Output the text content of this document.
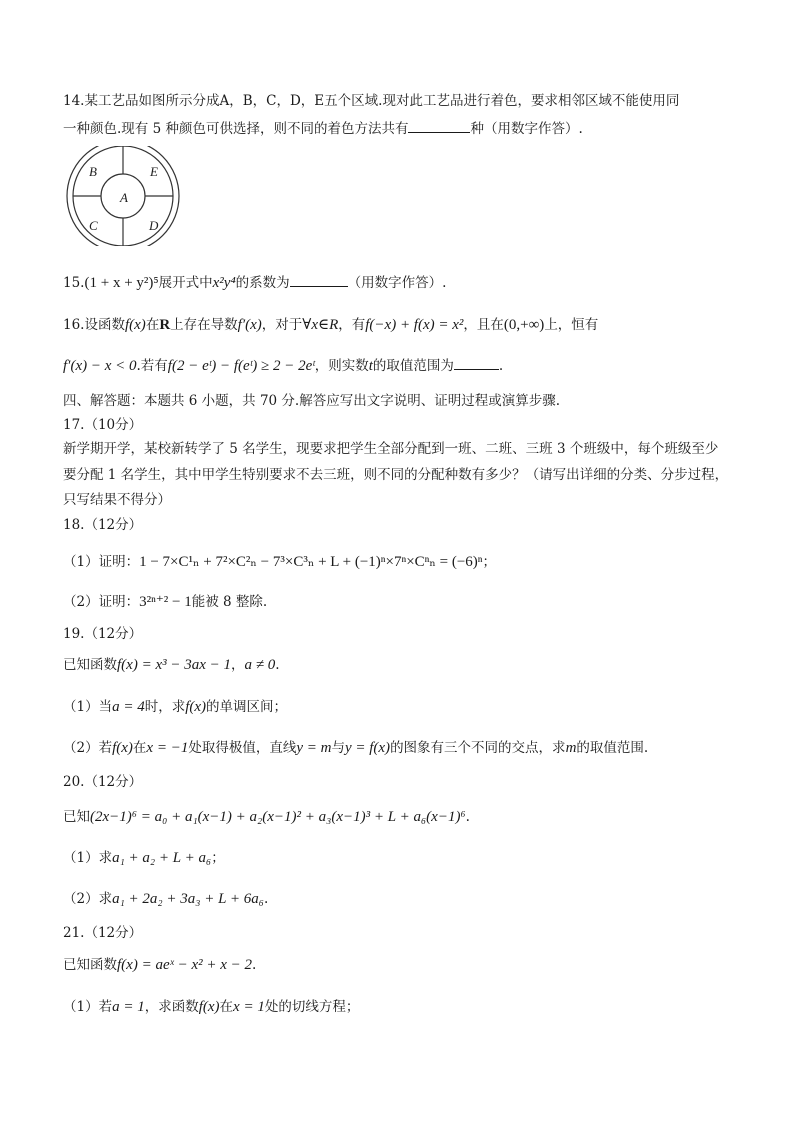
14.某工艺品如图所示分成A，B，C，D，E五个区域.现对此工艺品进行着色，要求相邻区域不能使用同
一种颜色.现有 5 种颜色可供选择，则不同的着色方法共有	种（用数字作答）.
A
B	E
C	D
15.(1 + x + y²)⁵展开式中x²y⁴的系数为	（用数字作答）.
16.设函数f(x)在R上存在导数f′(x)，对于∀x∈R，有f(−x) + f(x) = x²，且在(0,+∞)上，恒有
f′(x) − x < 0.若有f(2 − eᵗ) − f(eᵗ) ≥ 2 − 2eᵗ，则实数t的取值范围为	.
四、解答题：本题共 6 小题，共 70 分.解答应写出文字说明、证明过程或演算步骤.
17.（10分）
新学期开学，某校新转学了 5 名学生，现要求把学生全部分配到一班、二班、三班 3 个班级中，每个班级至少
要分配 1 名学生，其中甲学生特别要求不去三班，则不同的分配种数有多少？（请写出详细的分类、分步过程，
只写结果不得分）
18.（12分）
（1）证明：1 − 7×C¹ₙ + 7²×C²ₙ − 7³×C³ₙ + L + (−1)ⁿ×7ⁿ×Cⁿₙ = (−6)ⁿ；
（2）证明：3²ⁿ⁺² − 1能被 8 整除.
19.（12分）
已知函数f(x) = x³ − 3ax − 1，a ≠ 0.
（1）当a = 4时，求f(x)的单调区间；
（2）若f(x)在x = −1处取得极值，直线y = m与y = f(x)的图象有三个不同的交点，求m的取值范围.
20.（12分）
已知(2x−1)⁶ = a₀ + a₁(x−1) + a₂(x−1)² + a₃(x−1)³ + L + a₆(x−1)⁶.
（1）求a₁ + a₂ + L + a₆；
（2）求a₁ + 2a₂ + 3a₃ + L + 6a₆.
21.（12分）
已知函数f(x) = aeˣ − x² + x − 2.
（1）若a = 1，求函数f(x)在x = 1处的切线方程；
